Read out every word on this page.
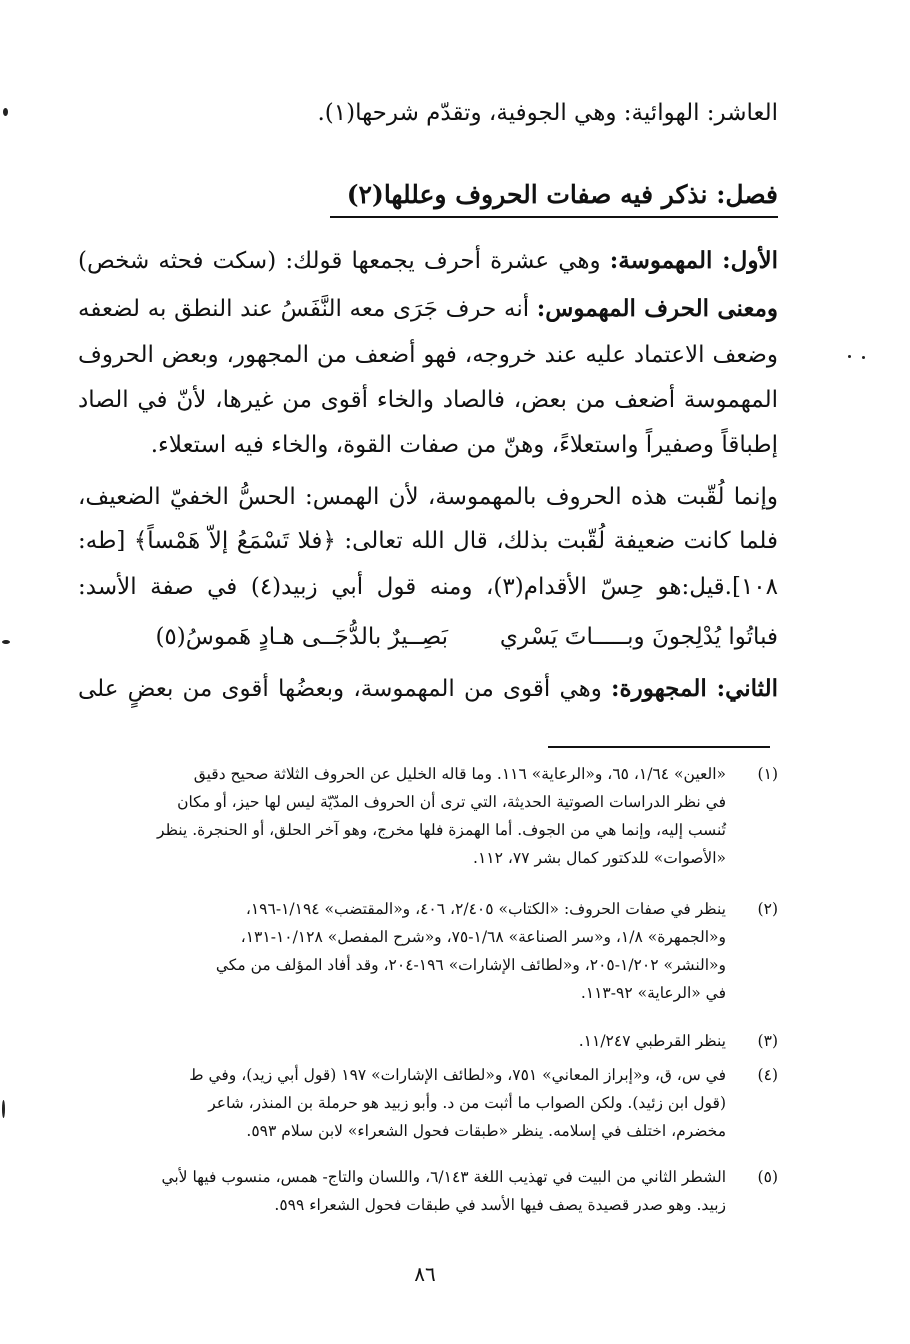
العاشر: الهوائية: وهي الجوفية، وتقدّم شرحها(١).
فصل: نذكر فيه صفات الحروف وعللها(٢)
الأول: المهموسة: وهي عشرة أحرف يجمعها قولك: (سكت فحثه شخص)
ومعنى الحرف المهموس: أنه حرف جَرَى معه النَّفَسُ عند النطق به لضعفه
وضعف الاعتماد عليه عند خروجه، فهو أضعف من المجهور، وبعض الحروف
المهموسة أضعف من بعض، فالصاد والخاء أقوى من غيرها، لأنّ في الصاد
إطباقاً وصفيراً واستعلاءً، وهنّ من صفات القوة، والخاء فيه استعلاء.
وإنما لُقّبت هذه الحروف بالمهموسة، لأن الهمس: الحسُّ الخفيّ الضعيف،
فلما كانت ضعيفة لُقّبت بذلك، قال الله تعالى: ﴿فلا تَسْمَعُ إلاّ هَمْساً﴾ [طه:
١٠٨].قيل:هو حِسّ الأقدام(٣)، ومنه قول أبي زبيد(٤) في صفة الأسد:
فباتُوا يُدْلِجونَ وبـــــاتَ يَسْري
بَصِــيرٌ بالدُّجَــى هـادٍ هَموسُ(٥)
الثاني: المجهورة: وهي أقوى من المهموسة، وبعضُها أقوى من بعضٍ على
(١)
«العين» ١/٦٤، ٦٥، و«الرعاية» ١١٦. وما قاله الخليل عن الحروف الثلاثة صحيح دقيق
في نظر الدراسات الصوتية الحديثة، التي ترى أن الحروف المدّيّة ليس لها حيز، أو مكان
تُنسب إليه، وإنما هي من الجوف. أما الهمزة فلها مخرج، وهو آخر الحلق، أو الحنجرة. ينظر
«الأصوات» للدكتور كمال بشر ٧٧، ١١٢.
(٢)
ينظر في صفات الحروف: «الكتاب» ٢/٤٠٥، ٤٠٦، و«المقتضب» ١/١٩٤-١٩٦،
و«الجمهرة» ١/٨، و«سر الصناعة» ١/٦٨-٧٥، و«شرح المفصل» ١٠/١٢٨-١٣١،
و«النشر» ١/٢٠٢-٢٠٥، و«لطائف الإشارات» ١٩٦-٢٠٤، وقد أفاد المؤلف من مكي
في «الرعاية» ٩٢-١١٣.
(٣)
ينظر القرطبي ١١/٢٤٧.
(٤)
في س، ق، و«إبراز المعاني» ٧٥١، و«لطائف الإشارات» ١٩٧ (قول أبي زيد)، وفي ط
(قول ابن زئيد). ولكن الصواب ما أثبت من د. وأبو زبيد هو حرملة بن المنذر، شاعر
مخضرم، اختلف في إسلامه. ينظر «طبقات فحول الشعراء» لابن سلام ٥٩٣.
(٥)
الشطر الثاني من البيت في تهذيب اللغة ٦/١٤٣، واللسان والتاج- همس، منسوب فيها لأبي
زبيد. وهو صدر قصيدة يصف فيها الأسد في طبقات فحول الشعراء ٥٩٩.
٨٦
